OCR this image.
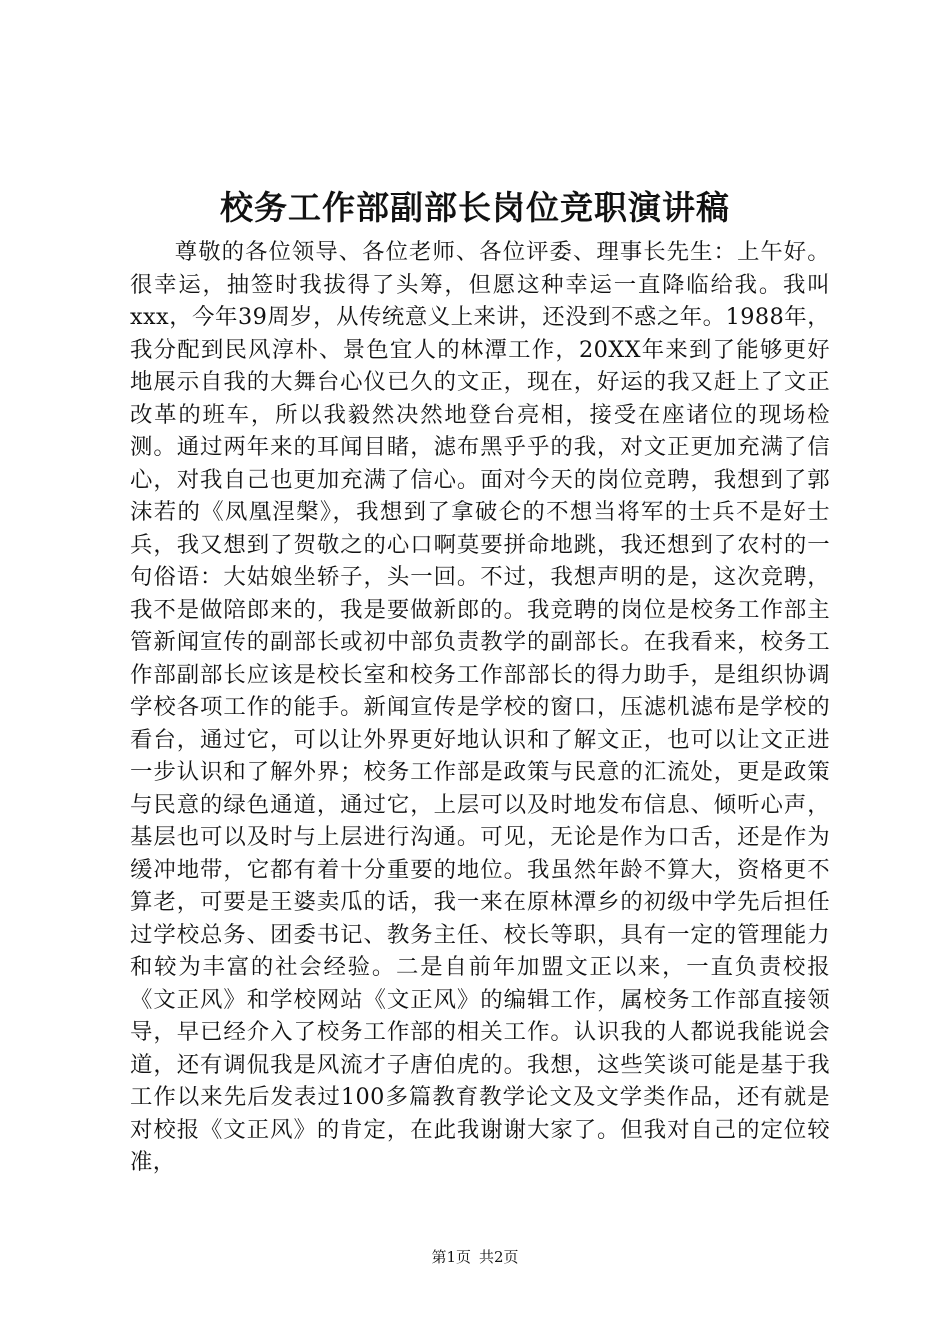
校务工作部副部长岗位竞职演讲稿

尊敬的各位领导、各位老师、各位评委、理事长先生：上午好。很幸运，抽签时我拔得了头筹，但愿这种幸运一直降临给我。我叫xxx，今年39周岁，从传统意义上来讲，还没到不惑之年。1988年，我分配到民风淳朴、景色宜人的林潭工作，20XX年来到了能够更好地展示自我的大舞台心仪已久的文正，现在，好运的我又赶上了文正改革的班车，所以我毅然决然地登台亮相，接受在座诸位的现场检测。通过两年来的耳闻目睹，滤布黑乎乎的我，对文正更加充满了信心，对我自己也更加充满了信心。面对今天的岗位竞聘，我想到了郭沫若的《凤凰涅槃》，我想到了拿破仑的不想当将军的士兵不是好士兵，我又想到了贺敬之的心口啊莫要拼命地跳，我还想到了农村的一句俗语：大姑娘坐轿子，头一回。不过，我想声明的是，这次竞聘，我不是做陪郎来的，我是要做新郎的。我竞聘的岗位是校务工作部主管新闻宣传的副部长或初中部负责教学的副部长。在我看来，校务工作部副部长应该是校长室和校务工作部部长的得力助手，是组织协调学校各项工作的能手。新闻宣传是学校的窗口，压滤机滤布是学校的看台，通过它，可以让外界更好地认识和了解文正，也可以让文正进一步认识和了解外界；校务工作部是政策与民意的汇流处，更是政策与民意的绿色通道，通过它，上层可以及时地发布信息、倾听心声，基层也可以及时与上层进行沟通。可见，无论是作为口舌，还是作为缓冲地带，它都有着十分重要的地位。我虽然年龄不算大，资格更不算老，可要是王婆卖瓜的话，我一来在原林潭乡的初级中学先后担任过学校总务、团委书记、教务主任、校长等职，具有一定的管理能力和较为丰富的社会经验。二是自前年加盟文正以来，一直负责校报《文正风》和学校网站《文正风》的编辑工作，属校务工作部直接领导，早已经介入了校务工作部的相关工作。认识我的人都说我能说会道，还有调侃我是风流才子唐伯虎的。我想，这些笑谈可能是基于我工作以来先后发表过100多篇教育教学论文及文学类作品，还有就是对校报《文正风》的肯定，在此我谢谢大家了。但我对自己的定位较准，

第1页 共2页
